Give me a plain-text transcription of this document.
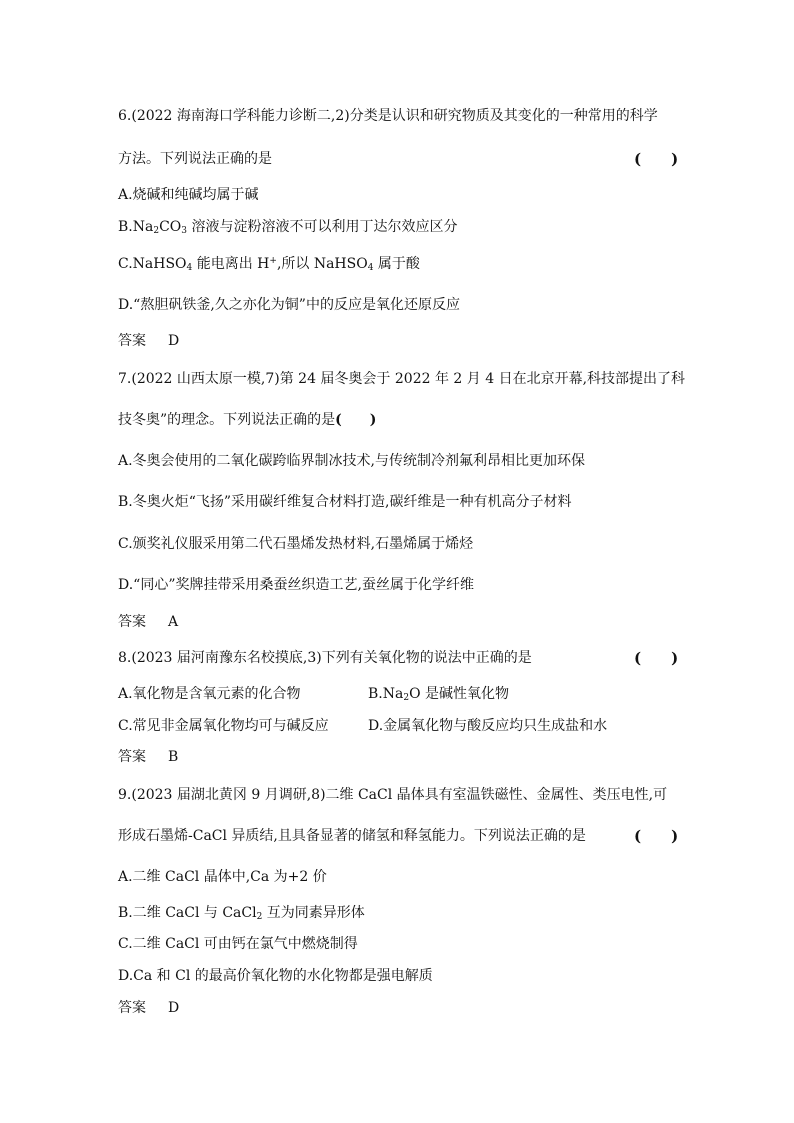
6.(2022 海南海口学科能力诊断二,2)分类是认识和研究物质及其变化的一种常用的科学
方法。下列说法正确的是	(　　)
A.烧碱和纯碱均属于碱
$B.Na_2CO_3$ 溶液与淀粉溶液不可以利用丁达尔效应区分
C.NaHSO$_4$ 能电离出 H+,所以 NaHSO$_4$ 属于酸
D.“熬胆矾铁釜,久之亦化为铜”中的反应是氧化还原反应
答案 D
7.(2022 山西太原一模,7)第 24 届冬奥会于 2022 年 2 月 4 日在北京开幕,科技部提出了科
技冬奥”的理念。下列说法正确的是(　　)
A.冬奥会使用的二氧化碳跨临界制冰技术,与传统制冷剂氟利昂相比更加环保
B.冬奥火炬“飞扬”采用碳纤维复合材料打造,碳纤维是一种有机高分子材料
C.颁奖礼仪服采用第二代石墨烯发热材料,石墨烯属于烯烃
D.“同心”奖牌挂带采用桑蚕丝织造工艺,蚕丝属于化学纤维
答案 A
8.(2023 届河南豫东名校摸底,3)下列有关氧化物的说法中正确的是	(　　)
A.氧化物是含氧元素的化合物	$B.Na_2O$ 是碱性氧化物
C.常见非金属氧化物均可与碱反应	D.金属氧化物与酸反应均只生成盐和水
答案 B
9.(2023 届湖北黄冈 9 月调研,8)二维 CaCl 晶体具有室温铁磁性、金属性、类压电性,可
形成石墨烯-CaCl 异质结,且具备显著的储氢和释氢能力。下列说法正确的是	(　　)
A.二维 CaCl 晶体中,Ca 为+2 价
B.二维 CaCl 与 CaCl$_2$ 互为同素异形体
C.二维 CaCl 可由钙在氯气中燃烧制得
D.Ca 和 Cl 的最高价氧化物的水化物都是强电解质
答案 D
